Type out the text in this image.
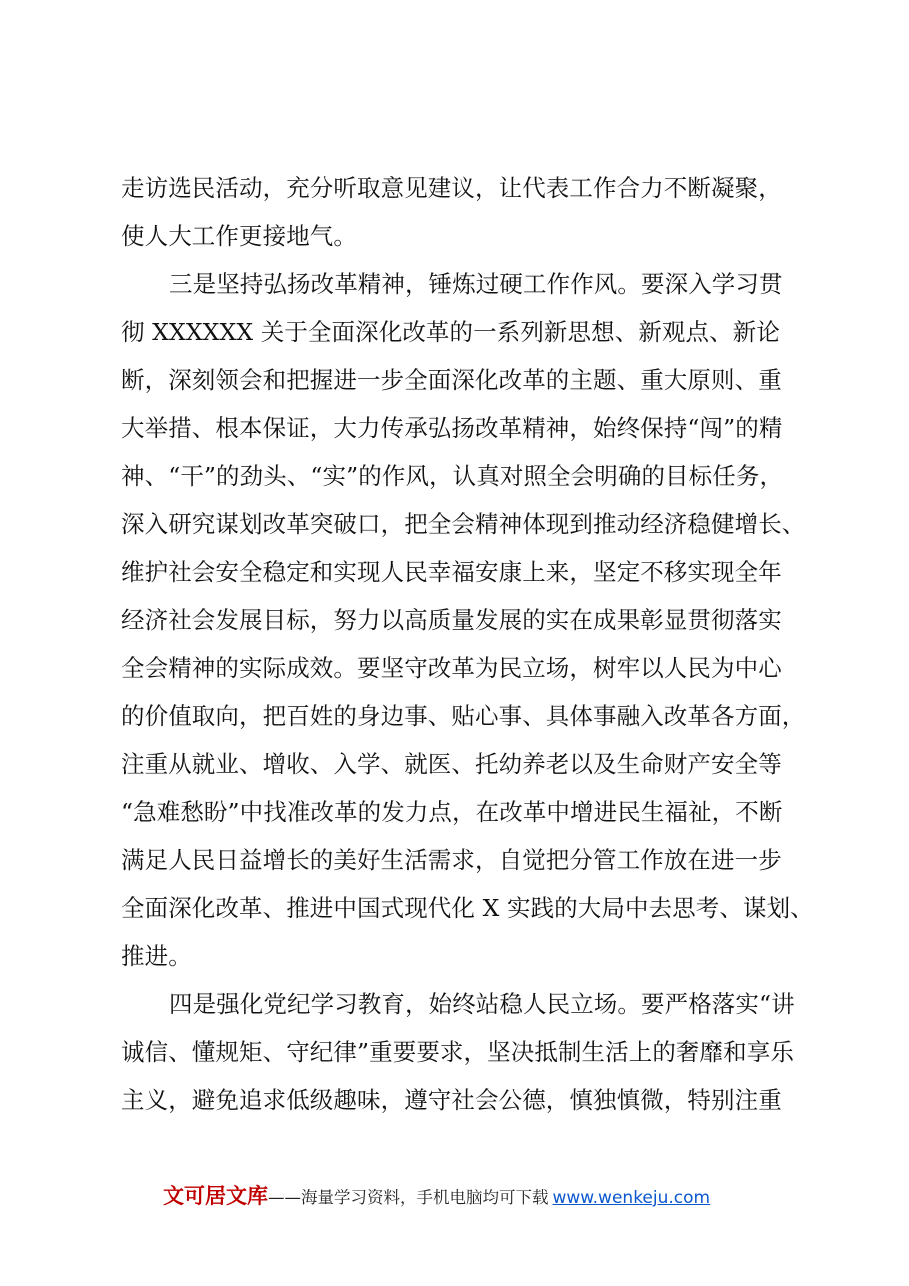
走访选民活动，充分听取意见建议，让代表工作合力不断凝聚，
使人大工作更接地气。
三是坚持弘扬改革精神，锤炼过硬工作作风。要深入学习贯
彻 XXXXXX 关于全面深化改革的一系列新思想、新观点、新论
断，深刻领会和把握进一步全面深化改革的主题、重大原则、重
大举措、根本保证，大力传承弘扬改革精神，始终保持“闯”的精
神、“干”的劲头、“实”的作风，认真对照全会明确的目标任务，
深入研究谋划改革突破口，把全会精神体现到推动经济稳健增长、
维护社会安全稳定和实现人民幸福安康上来，坚定不移实现全年
经济社会发展目标，努力以高质量发展的实在成果彰显贯彻落实
全会精神的实际成效。要坚守改革为民立场，树牢以人民为中心
的价值取向，把百姓的身边事、贴心事、具体事融入改革各方面，
注重从就业、增收、入学、就医、托幼养老以及生命财产安全等
“急难愁盼”中找准改革的发力点，在改革中增进民生福祉，不断
满足人民日益增长的美好生活需求，自觉把分管工作放在进一步
全面深化改革、推进中国式现代化 X 实践的大局中去思考、谋划、
推进。
四是强化党纪学习教育，始终站稳人民立场。要严格落实“讲
诚信、懂规矩、守纪律”重要要求，坚决抵制生活上的奢靡和享乐
主义，避免追求低级趣味，遵守社会公德，慎独慎微，特别注重
文可居文库——海量学习资料，手机电脑均可下载 www.wenkeju.com
